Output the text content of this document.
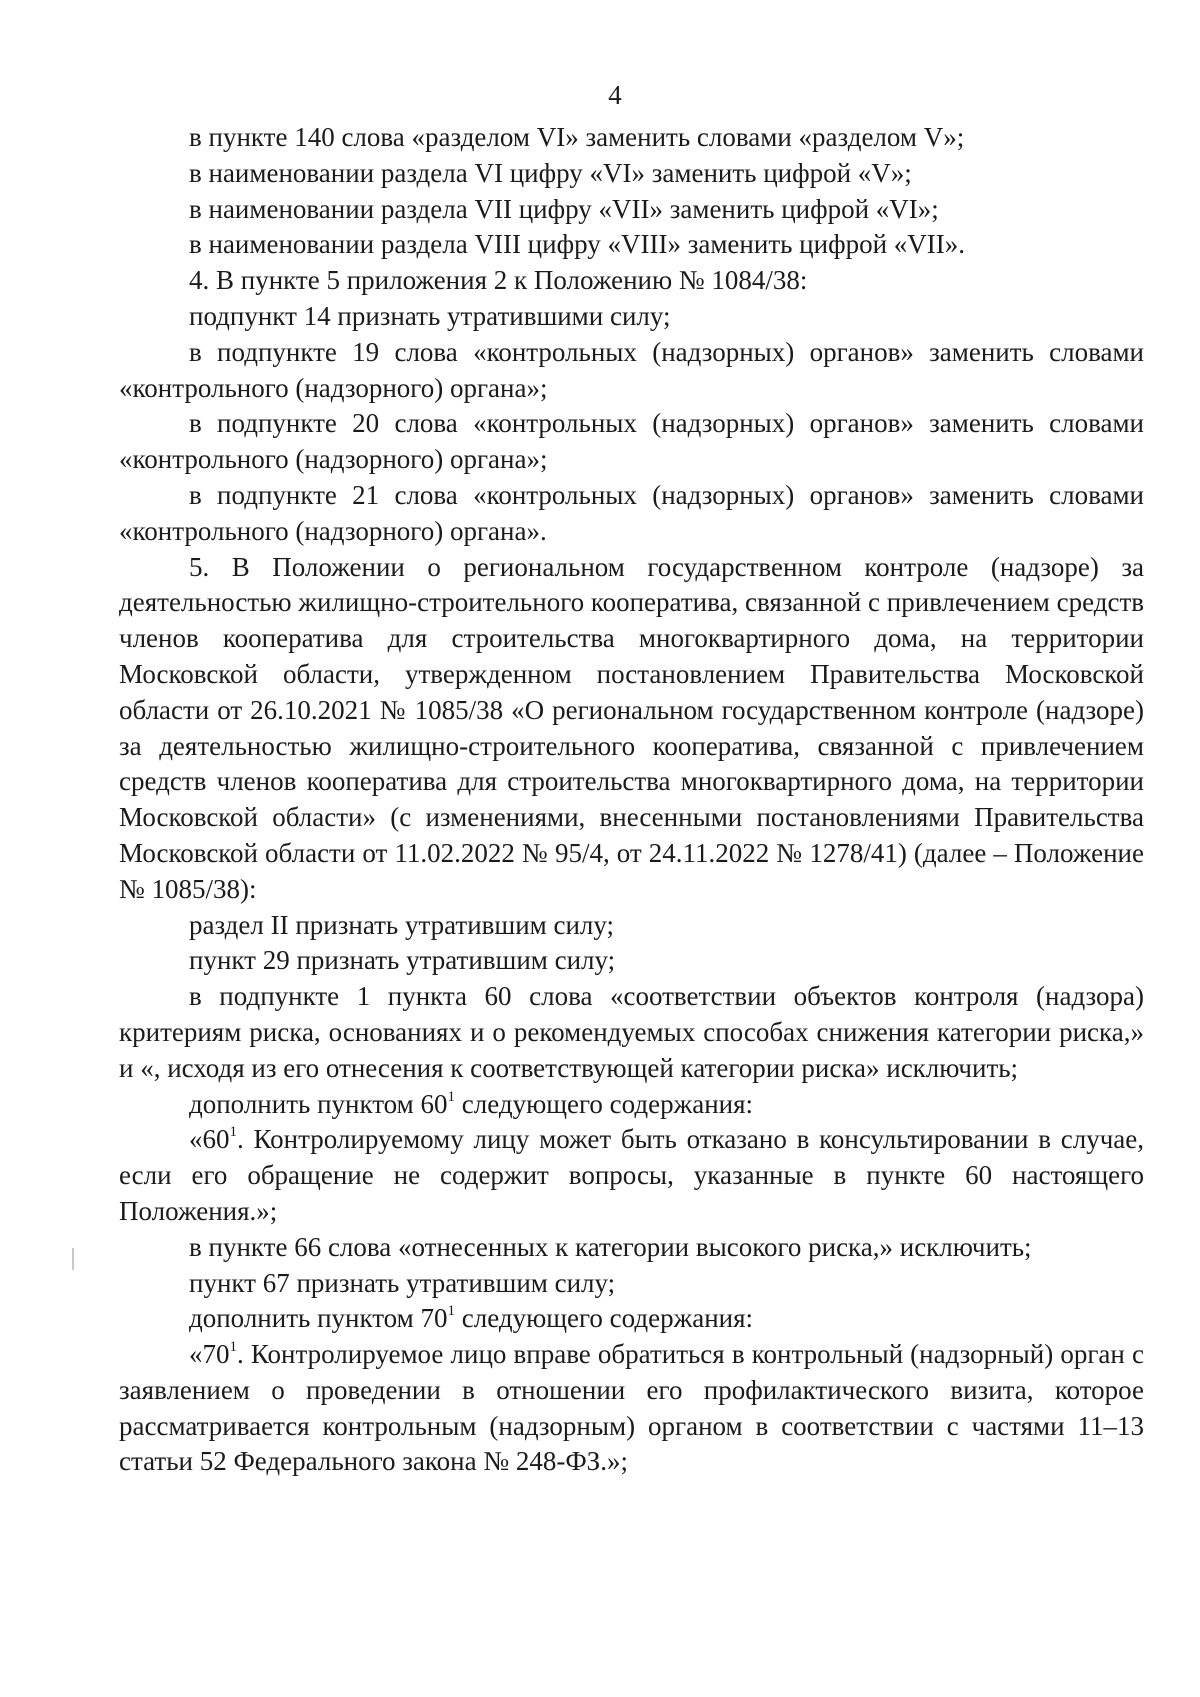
4

в пункте 140 слова «разделом VI» заменить словами «разделом V»;

в наименовании раздела VI цифру «VI» заменить цифрой «V»;

в наименовании раздела VII цифру «VII» заменить цифрой «VI»;

в наименовании раздела VIII цифру «VIII» заменить цифрой «VII».

4. В пункте 5 приложения 2 к Положению № 1084/38:

подпункт 14 признать утратившими силу;

в подпункте 19 слова «контрольных (надзорных) органов» заменить словами «контрольного (надзорного) органа»;

в подпункте 20 слова «контрольных (надзорных) органов» заменить словами «контрольного (надзорного) органа»;

в подпункте 21 слова «контрольных (надзорных) органов» заменить словами «контрольного (надзорного) органа».

5. В Положении о региональном государственном контроле (надзоре) за деятельностью жилищно-строительного кооператива, связанной с привлечением средств членов кооператива для строительства многоквартирного дома, на территории Московской области, утвержденном постановлением Правительства Московской области от 26.10.2021 № 1085/38 «О региональном государственном контроле (надзоре) за деятельностью жилищно-строительного кооператива, связанной с привлечением средств членов кооператива для строительства многоквартирного дома, на территории Московской области» (с изменениями, внесенными постановлениями Правительства Московской области от 11.02.2022 № 95/4, от 24.11.2022 № 1278/41) (далее – Положение № 1085/38):

раздел II признать утратившим силу;

пункт 29 признать утратившим силу;

в подпункте 1 пункта 60 слова «соответствии объектов контроля (надзора) критериям риска, основаниях и о рекомендуемых способах снижения категории риска,» и «, исходя из его отнесения к соответствующей категории риска» исключить;

дополнить пунктом $60^1$ следующего содержания:

«$60^1$. Контролируемому лицу может быть отказано в консультировании в случае, если его обращение не содержит вопросы, указанные в пункте 60 настоящего Положения.»;

в пункте 66 слова «отнесенных к категории высокого риска,» исключить;

пункт 67 признать утратившим силу;

дополнить пунктом $70^1$ следующего содержания:

«$70^1$. Контролируемое лицо вправе обратиться в контрольный (надзорный) орган с заявлением о проведении в отношении его профилактического визита, которое рассматривается контрольным (надзорным) органом в соответствии с частями 11–13 статьи 52 Федерального закона № 248-ФЗ.»;
